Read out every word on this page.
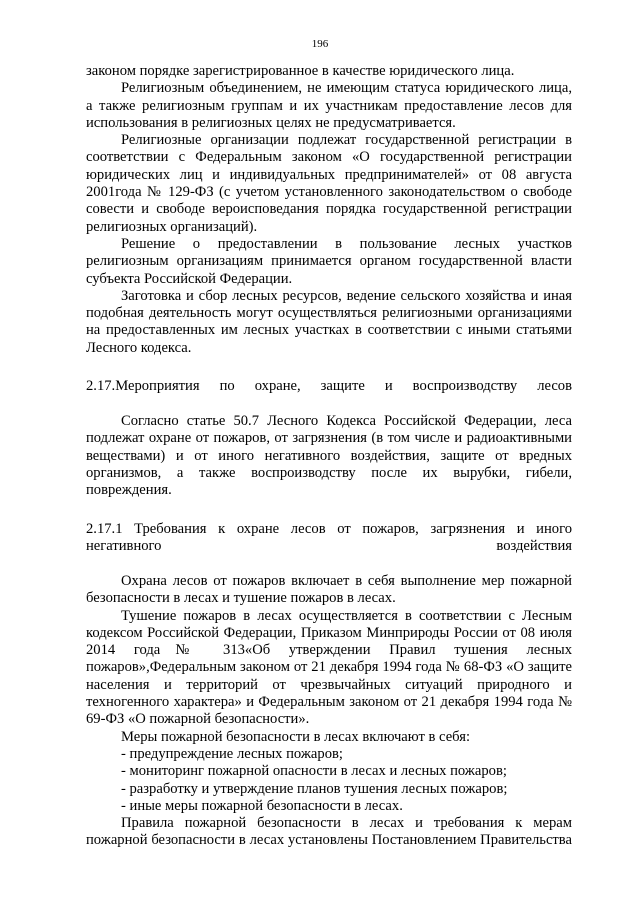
196

законом порядке зарегистрированное в качестве юридического лица.

Религиозным объединением, не имеющим статуса юридического лица, а также религиозным группам и их участникам предоставление лесов для использования в религиозных целях не предусматривается.

Религиозные организации подлежат государственной регистрации в соответствии с Федеральным законом «О государственной регистрации юридических лиц и индивидуальных предпринимателей» от 08 августа 2001года № 129-ФЗ (с учетом установленного законодательством о свободе совести и свободе вероисповедания порядка государственной регистрации религиозных организаций).

Решение о предоставлении в пользование лесных участков религиозным организациям принимается органом государственной власти субъекта Российской Федерации.

Заготовка и сбор лесных ресурсов, ведение сельского хозяйства и иная подобная деятельность могут осуществляться религиозными организациями на предоставленных им лесных участках в соответствии с иными статьями Лесного кодекса.

2.17.Мероприятия по охране, защите и воспроизводству лесов

Согласно статье 50.7 Лесного Кодекса Российской Федерации, леса подлежат охране от пожаров, от загрязнения (в том числе и радиоактивными веществами) и от иного негативного воздействия, защите от вредных организмов, а также воспроизводству после их вырубки, гибели, повреждения.

2.17.1 Требования к охране лесов от пожаров, загрязнения и иного

негативного воздействия

Охрана лесов от пожаров включает в себя выполнение мер пожарной безопасности в лесах и тушение пожаров в лесах.

Тушение пожаров в лесах осуществляется в соответствии с Лесным кодексом Российской Федерации, Приказом Минприроды России от 08 июля 2014 года№ 313«Об утверждении Правил тушения лесных пожаров»,Федеральным законом от 21 декабря 1994 года № 68-ФЗ «О защите населения и территорий от чрезвычайных ситуаций природного и техногенного характера» и Федеральным законом от 21 декабря 1994 года № 69-ФЗ «О пожарной безопасности».

Меры пожарной безопасности в лесах включают в себя:

- предупреждение лесных пожаров;

- мониторинг пожарной опасности в лесах и лесных пожаров;

- разработку и утверждение планов тушения лесных пожаров;

- иные меры пожарной безопасности в лесах.

Правила пожарной безопасности в лесах и требования к мерам пожарной безопасности в лесах установлены Постановлением Правительства
